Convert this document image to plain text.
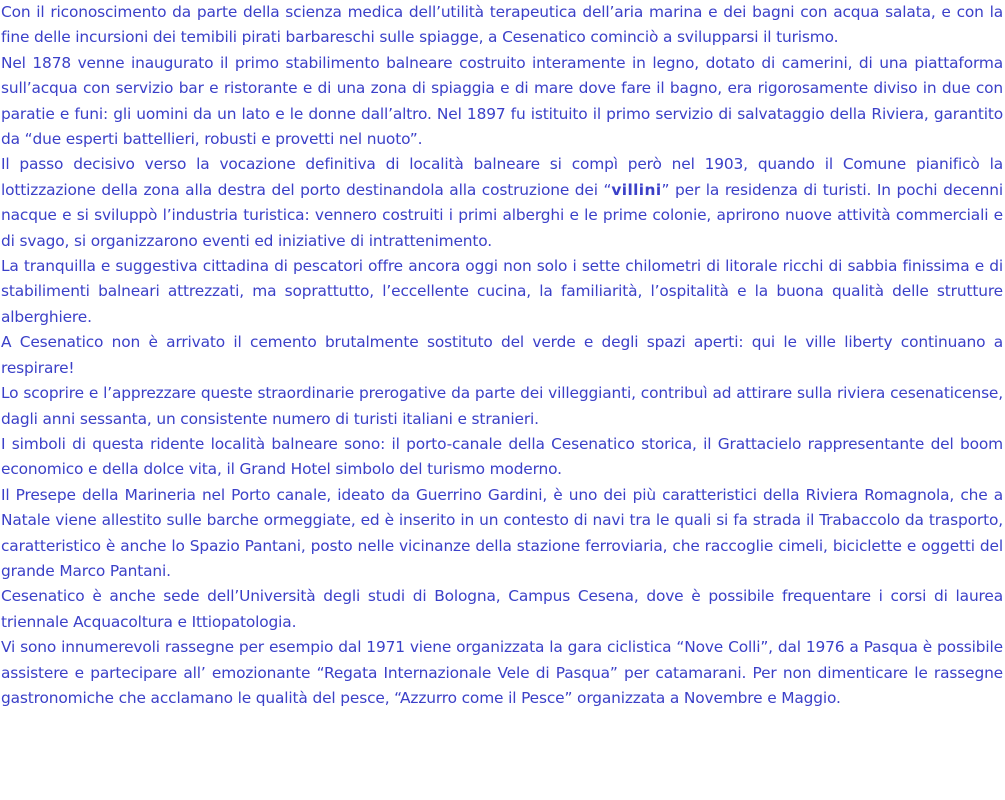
Con il riconoscimento da parte della scienza medica dell’utilità terapeutica dell’aria marina e dei bagni con acqua salata, e con la fine delle incursioni dei temibili pirati barbareschi sulle spiagge, a Cesenatico cominciò a svilupparsi il turismo.

Nel 1878 venne inaugurato il primo stabilimento balneare costruito interamente in legno, dotato di camerini, di una piattaforma sull’acqua con servizio bar e ristorante e di una zona di spiaggia e di mare dove fare il bagno, era rigorosamente diviso in due con paratie e funi: gli uomini da un lato e le donne dall’altro. Nel 1897 fu istituito il primo servizio di salvataggio della Riviera, garantito da “due esperti battellieri, robusti e provetti nel nuoto”.

Il passo decisivo verso la vocazione definitiva di località balneare si compì però nel 1903, quando il Comune pianificò la lottizzazione della zona alla destra del porto destinandola alla costruzione dei “villini” per la residenza di turisti. In pochi decenni nacque e si sviluppò l’industria turistica: vennero costruiti i primi alberghi e le prime colonie, aprirono nuove attività commerciali e di svago, si organizzarono eventi ed iniziative di intrattenimento.

La tranquilla e suggestiva cittadina di pescatori offre ancora oggi non solo i sette chilometri di litorale ricchi di sabbia finissima e di stabilimenti balneari attrezzati, ma soprattutto, l’eccellente cucina, la familiarità, l’ospitalità e la buona qualità delle strutture alberghiere.

A Cesenatico non è arrivato il cemento brutalmente sostituto del verde e degli spazi aperti: qui le ville liberty continuano a respirare!

Lo scoprire e l’apprezzare queste straordinarie prerogative da parte dei villeggianti, contribuì ad attirare sulla riviera cesenaticense, dagli anni sessanta, un consistente numero di turisti italiani e stranieri.

I simboli di questa ridente località balneare sono: il porto-canale della Cesenatico storica, il Grattacielo rappresentante del boom economico e della dolce vita, il Grand Hotel simbolo del turismo moderno.

Il Presepe della Marineria nel Porto canale, ideato da Guerrino Gardini, è uno dei più caratteristici della Riviera Romagnola, che a Natale viene allestito sulle barche ormeggiate, ed è inserito in un contesto di navi tra le quali si fa strada il Trabaccolo da trasporto, caratteristico è anche lo Spazio Pantani, posto nelle vicinanze della stazione ferroviaria, che raccoglie cimeli, biciclette e oggetti del grande Marco Pantani.

Cesenatico è anche sede dell’Università degli studi di Bologna, Campus Cesena, dove è possibile frequentare i corsi di laurea triennale Acquacoltura e Ittiopatologia.

Vi sono innumerevoli rassegne per esempio dal 1971 viene organizzata la gara ciclistica “Nove Colli”, dal 1976 a Pasqua è possibile assistere e partecipare all’ emozionante “Regata Internazionale Vele di Pasqua” per catamarani. Per non dimenticare le rassegne gastronomiche che acclamano le qualità del pesce, “Azzurro come il Pesce” organizzata a Novembre e Maggio.
